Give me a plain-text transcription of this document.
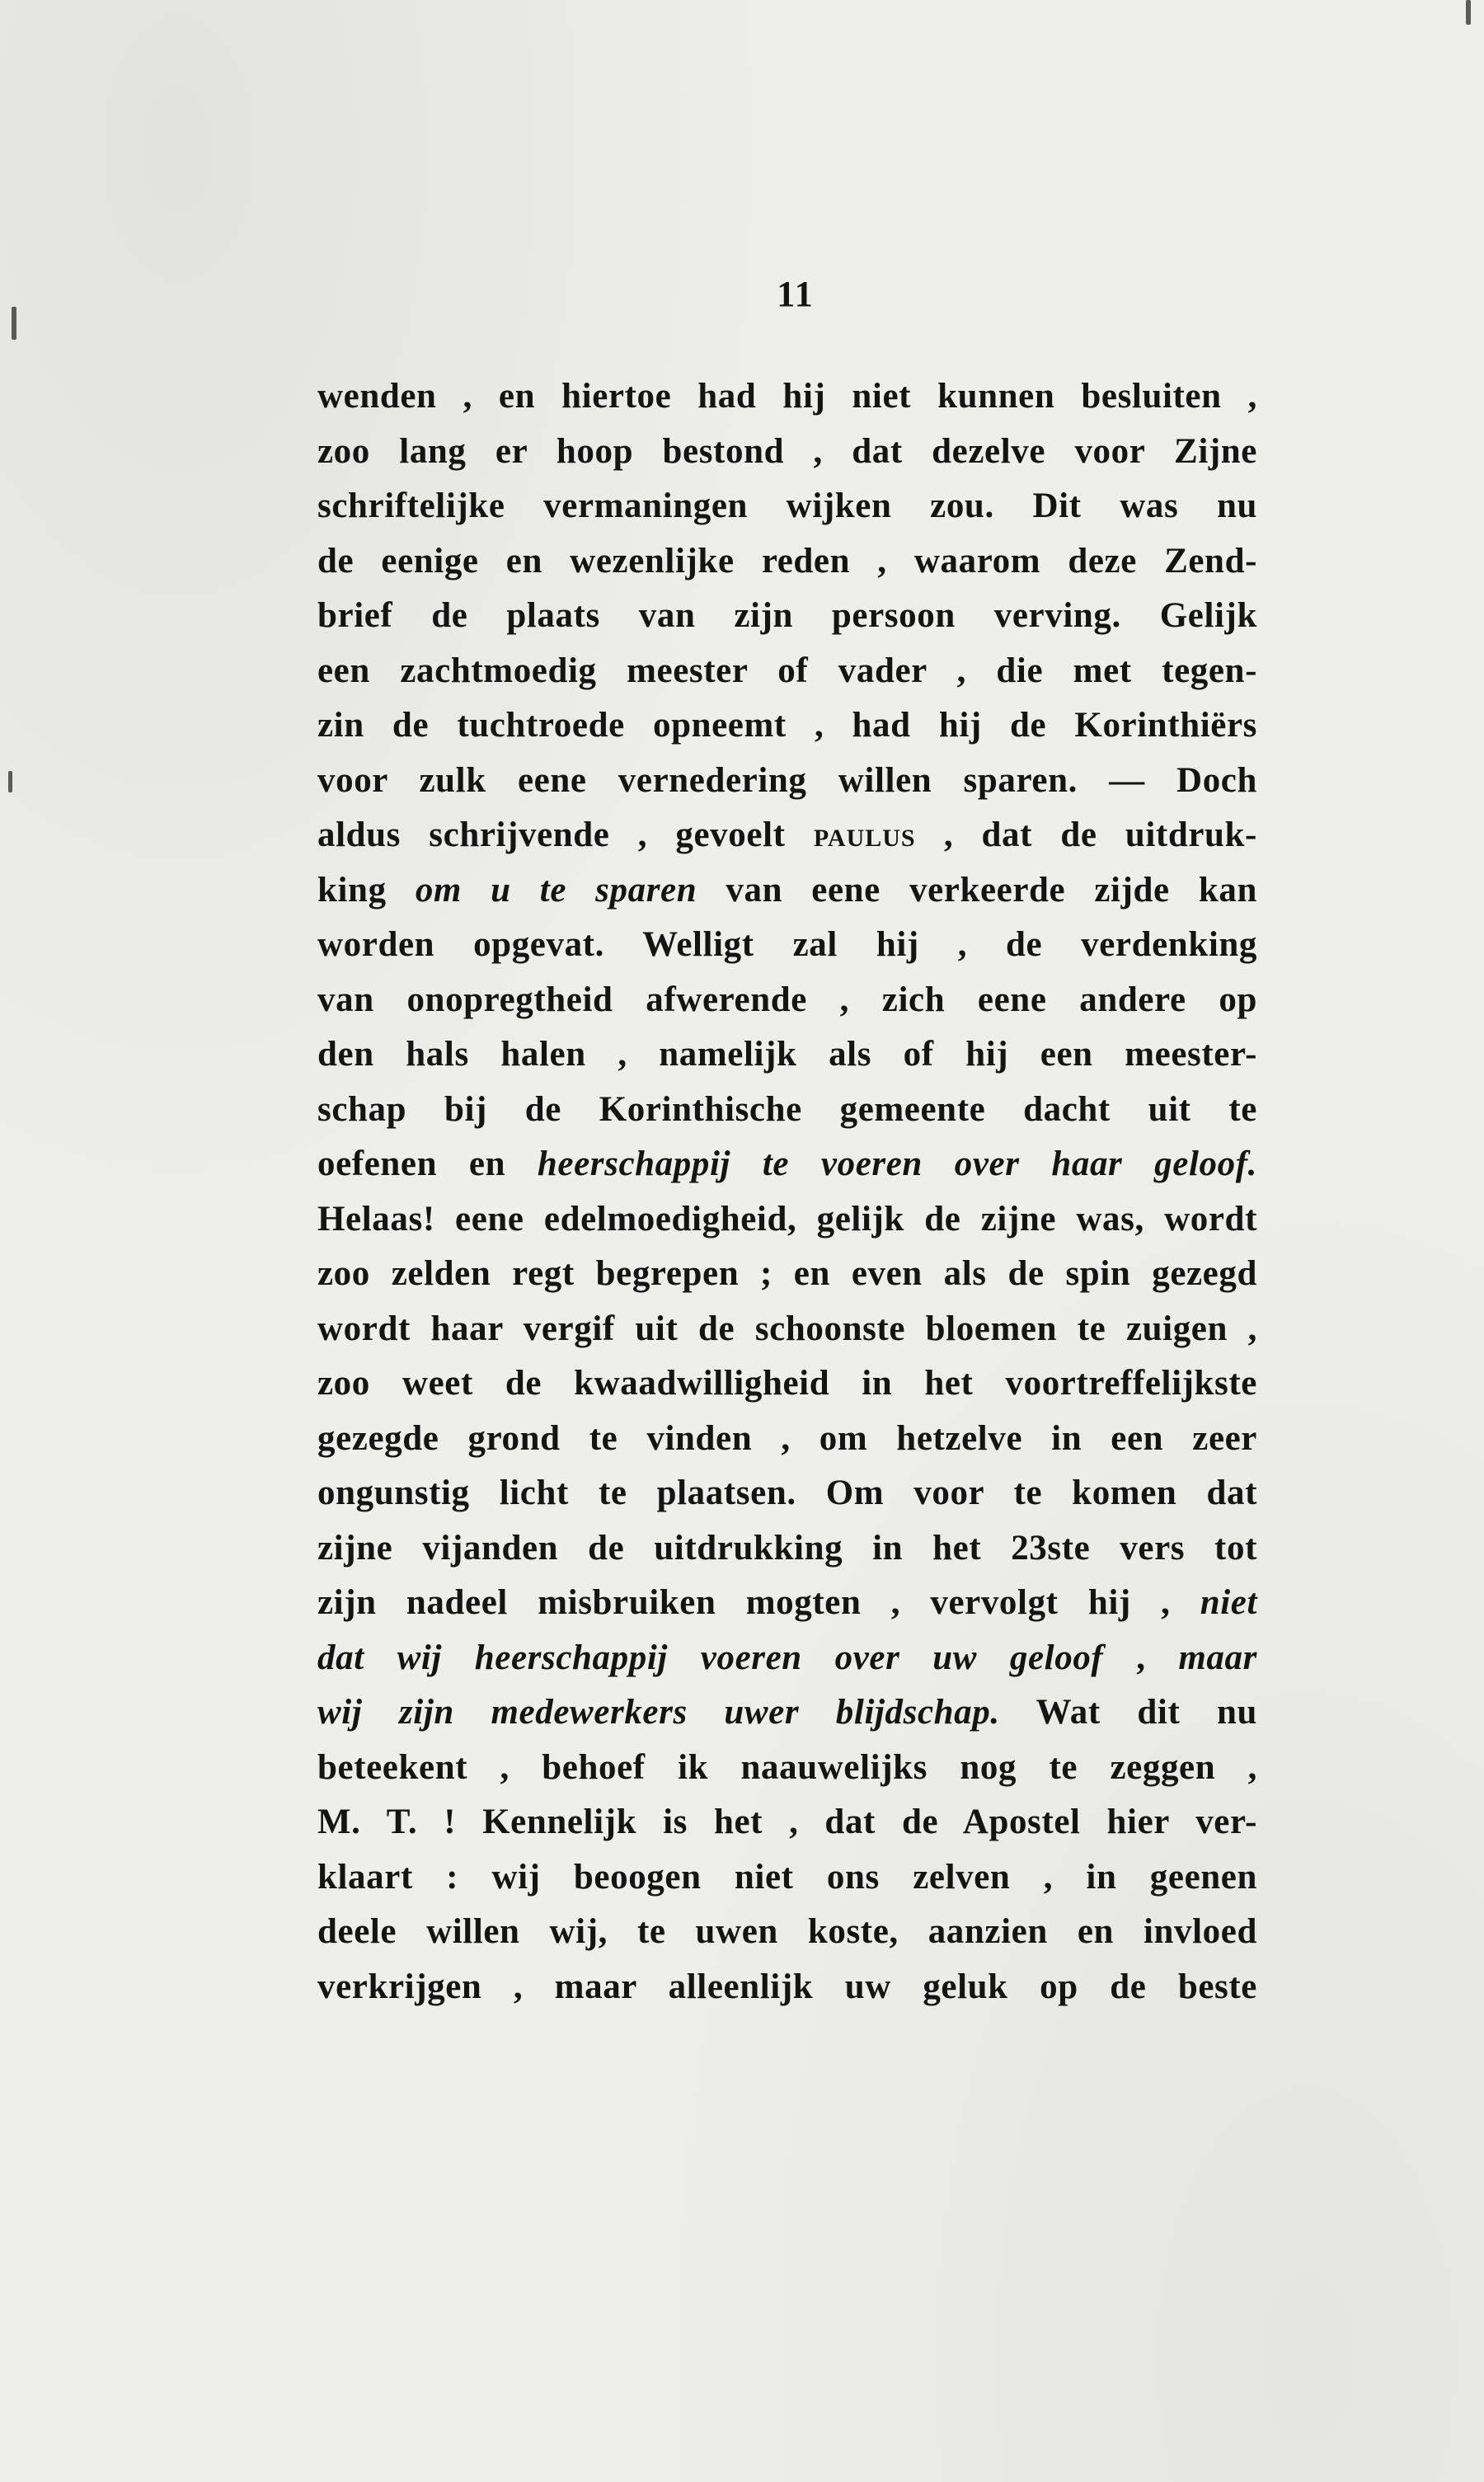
11
wenden , en hiertoe had hij niet kunnen besluiten ,
zoo lang er hoop bestond , dat dezelve voor Zijne
schriftelijke vermaningen wijken zou. Dit was nu
de eenige en wezenlijke reden , waarom deze Zend-
brief de plaats van zijn persoon verving. Gelijk
een zachtmoedig meester of vader , die met tegen-
zin de tuchtroede opneemt , had hij de Korinthiërs
voor zulk eene vernedering willen sparen. — Doch
aldus schrijvende , gevoelt paulus , dat de uitdruk-
king om u te sparen van eene verkeerde zijde kan
worden opgevat. Welligt zal hij , de verdenking
van onopregtheid afwerende , zich eene andere op
den hals halen , namelijk als of hij een meester-
schap bij de Korinthische gemeente dacht uit te
oefenen en heerschappij te voeren over haar geloof.
Helaas! eene edelmoedigheid, gelijk de zijne was, wordt
zoo zelden regt begrepen ; en even als de spin gezegd
wordt haar vergif uit de schoonste bloemen te zuigen ,
zoo weet de kwaadwilligheid in het voortreffelijkste
gezegde grond te vinden , om hetzelve in een zeer
ongunstig licht te plaatsen. Om voor te komen dat
zijne vijanden de uitdrukking in het 23ste vers tot
zijn nadeel misbruiken mogten , vervolgt hij , niet
dat wij heerschappij voeren over uw geloof , maar
wij zijn medewerkers uwer blijdschap. Wat dit nu
beteekent , behoef ik naauwelijks nog te zeggen ,
M. T. ! Kennelijk is het , dat de Apostel hier ver-
klaart : wij beoogen niet ons zelven , in geenen
deele willen wij, te uwen koste, aanzien en invloed
verkrijgen , maar alleenlijk uw geluk op de beste
